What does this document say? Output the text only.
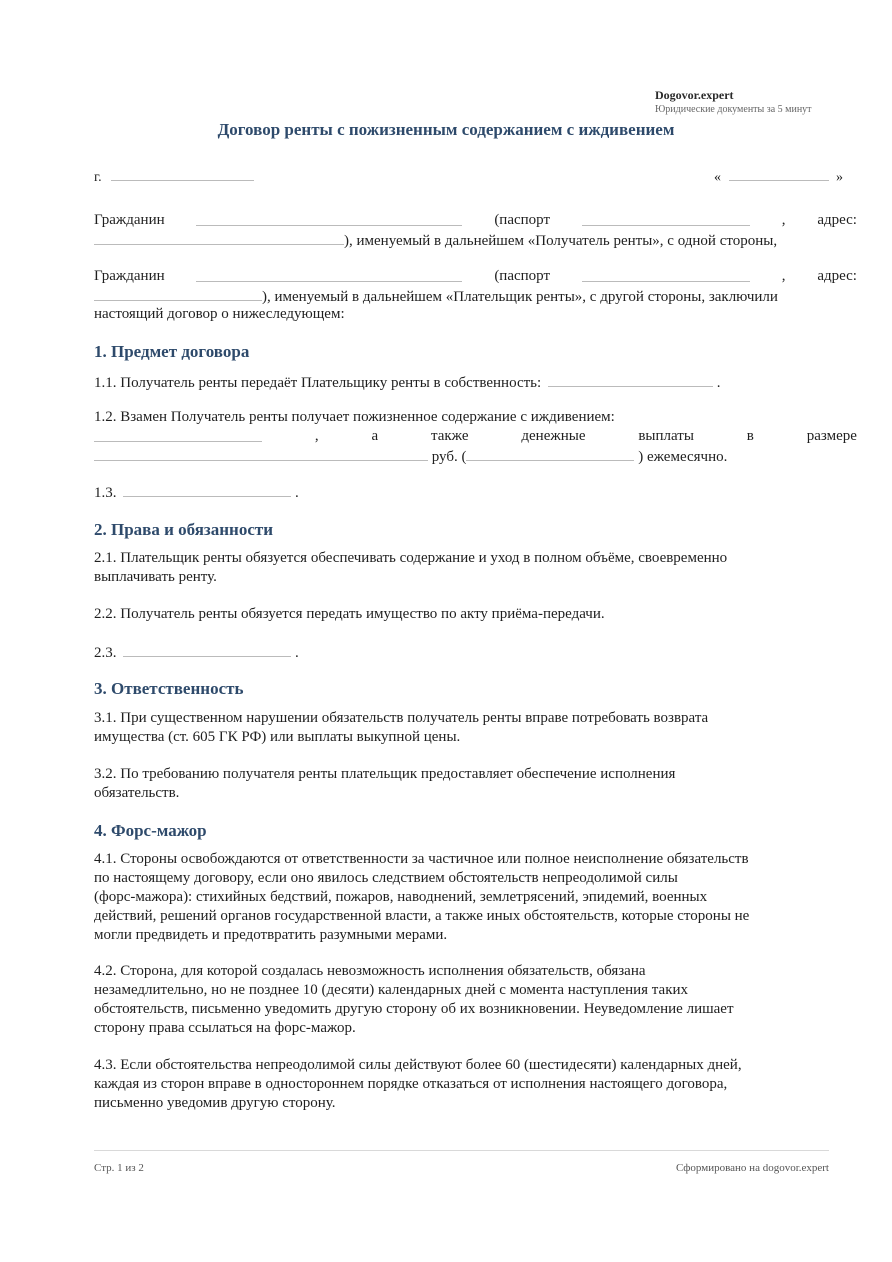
Dogovor.expert
Юридические документы за 5 минут
Договор ренты с пожизненным содержанием с иждивением
г.	«	»
Гражданин	(паспорт	, адрес:
), именуемый в дальнейшем «Получатель ренты», с одной стороны,
Гражданин	(паспорт	, адрес:
), именуемый в дальнейшем «Плательщик ренты», с другой стороны, заключили
настоящий договор о нижеследующем:
1. Предмет договора
1.1. Получатель ренты передаёт Плательщику ренты в собственность:	.
1.2. Взамен Получатель ренты получает пожизненное содержание с иждивением:
,	а	также	денежные	выплаты	в	размере
руб. (	) ежемесячно.
1.3.	.
2. Права и обязанности
2.1. Плательщик ренты обязуется обеспечивать содержание и уход в полном объёме, своевременно
выплачивать ренту.
2.2. Получатель ренты обязуется передать имущество по акту приёма-передачи.
2.3.	.
3. Ответственность
3.1. При существенном нарушении обязательств получатель ренты вправе потребовать возврата
имущества (ст. 605 ГК РФ) или выплаты выкупной цены.
3.2. По требованию получателя ренты плательщик предоставляет обеспечение исполнения
обязательств.
4. Форс-мажор
4.1. Стороны освобождаются от ответственности за частичное или полное неисполнение обязательств
по настоящему договору, если оно явилось следствием обстоятельств непреодолимой силы
(форс-мажора): стихийных бедствий, пожаров, наводнений, землетрясений, эпидемий, военных
действий, решений органов государственной власти, а также иных обстоятельств, которые стороны не
могли предвидеть и предотвратить разумными мерами.
4.2. Сторона, для которой создалась невозможность исполнения обязательств, обязана
незамедлительно, но не позднее 10 (десяти) календарных дней с момента наступления таких
обстоятельств, письменно уведомить другую сторону об их возникновении. Неуведомление лишает
сторону права ссылаться на форс-мажор.
4.3. Если обстоятельства непреодолимой силы действуют более 60 (шестидесяти) календарных дней,
каждая из сторон вправе в одностороннем порядке отказаться от исполнения настоящего договора,
письменно уведомив другую сторону.
Стр. 1 из 2	Сформировано на dogovor.expert
